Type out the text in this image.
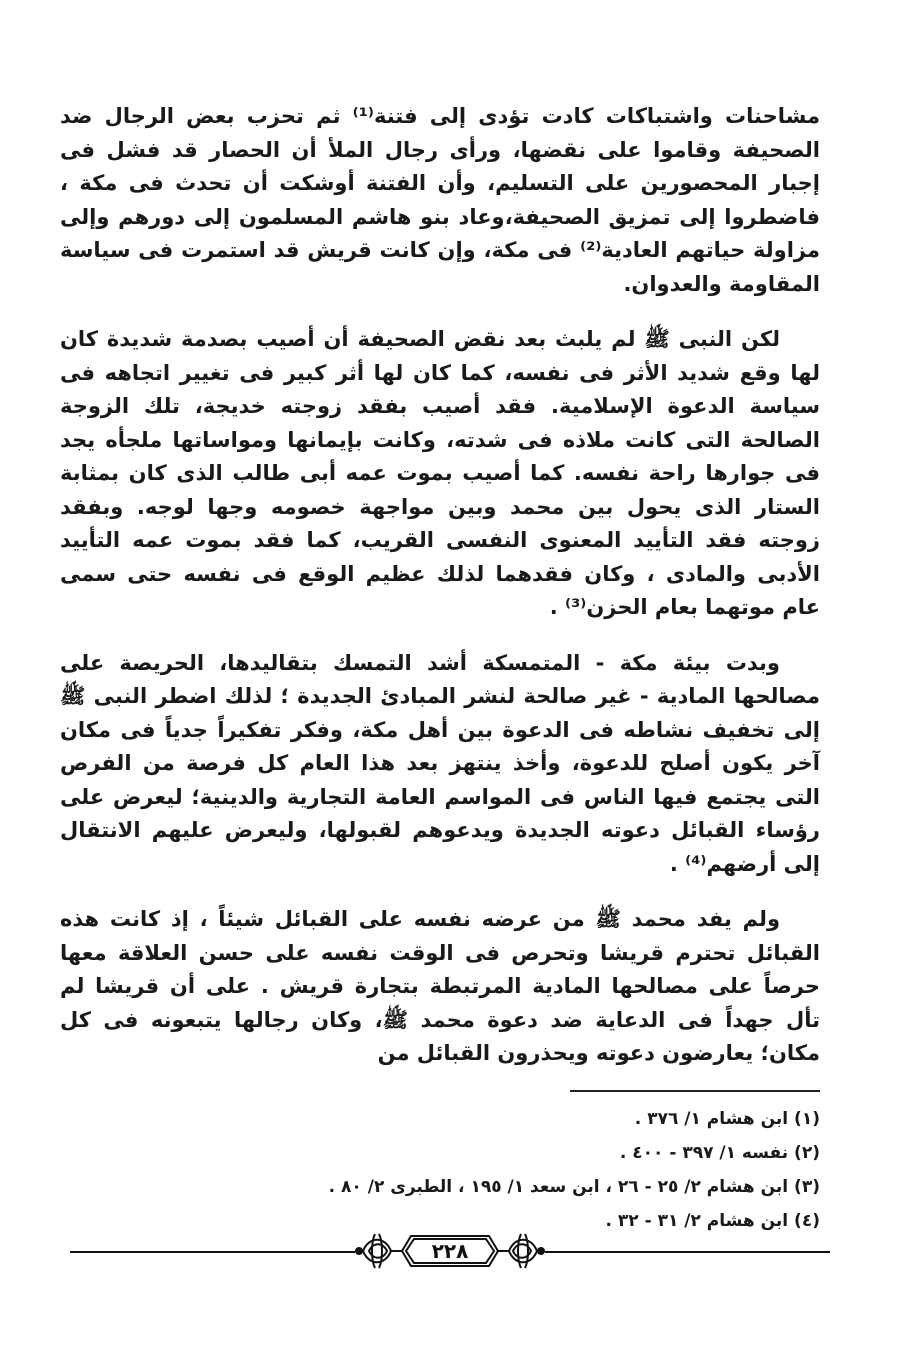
مشاحنات واشتباكات كادت تؤدى إلى فتنة⁽¹⁾ ثم تحزب بعض الرجال ضد الصحيفة وقاموا على نقضها، ورأى رجال الملأ أن الحصار قد فشل فى إجبار المحصورين على التسليم، وأن الفتنة أوشكت أن تحدث فى مكة ، فاضطروا إلى تمزيق الصحيفة،وعاد بنو هاشم المسلمون إلى دورهم وإلى مزاولة حياتهم العادية⁽²⁾ فى مكة، وإن كانت قريش قد استمرت فى سياسة المقاومة والعدوان.

لكن النبى ﷺ لم يلبث بعد نقض الصحيفة أن أصيب بصدمة شديدة كان لها وقع شديد الأثر فى نفسه، كما كان لها أثر كبير فى تغيير اتجاهه فى سياسة الدعوة الإسلامية. فقد أصيب بفقد زوجته خديجة، تلك الزوجة الصالحة التى كانت ملاذه فى شدته، وكانت بإيمانها ومواساتها ملجأه يجد فى جوارها راحة نفسه. كما أصيب بموت عمه أبى طالب الذى كان بمثابة الستار الذى يحول بين محمد وبين مواجهة خصومه وجها لوجه. وبفقد زوجته فقد التأييد المعنوى النفسى القريب، كما فقد بموت عمه التأييد الأدبى والمادى ، وكان فقدهما لذلك عظيم الوقع فى نفسه حتى سمى عام موتهما بعام الحزن⁽³⁾ .

وبدت بيئة مكة - المتمسكة أشد التمسك بتقاليدها، الحريصة على مصالحها المادية - غير صالحة لنشر المبادئ الجديدة ؛ لذلك اضطر النبى ﷺ إلى تخفيف نشاطه فى الدعوة بين أهل مكة، وفكر تفكيراً جدياً فى مكان آخر يكون أصلح للدعوة، وأخذ ينتهز بعد هذا العام كل فرصة من الفرص التى يجتمع فيها الناس فى المواسم العامة التجارية والدينية؛ ليعرض على رؤساء القبائل دعوته الجديدة ويدعوهم لقبولها، وليعرض عليهم الانتقال إلى أرضهم⁽⁴⁾ .

ولم يفد محمد ﷺ من عرضه نفسه على القبائل شيئاً ، إذ كانت هذه القبائل تحترم قريشا وتحرص فى الوقت نفسه على حسن العلاقة معها حرصاً على مصالحها المادية المرتبطة بتجارة قريش . على أن قريشا لم تأل جهداً فى الدعاية ضد دعوة محمد ﷺ، وكان رجالها يتبعونه فى كل مكان؛ يعارضون دعوته ويحذرون القبائل من

(١) ابن هشام ١/ ٣٧٦ .
(٢) نفسه ١/ ٣٩٧ - ٤٠٠ .
(٣) ابن هشام ٢/ ٢٥ - ٢٦ ، ابن سعد ١/ ١٩٥ ، الطبرى ٢/ ٨٠ .
(٤) ابن هشام ٢/ ٣١ - ٣٢ .
٢٢٨
